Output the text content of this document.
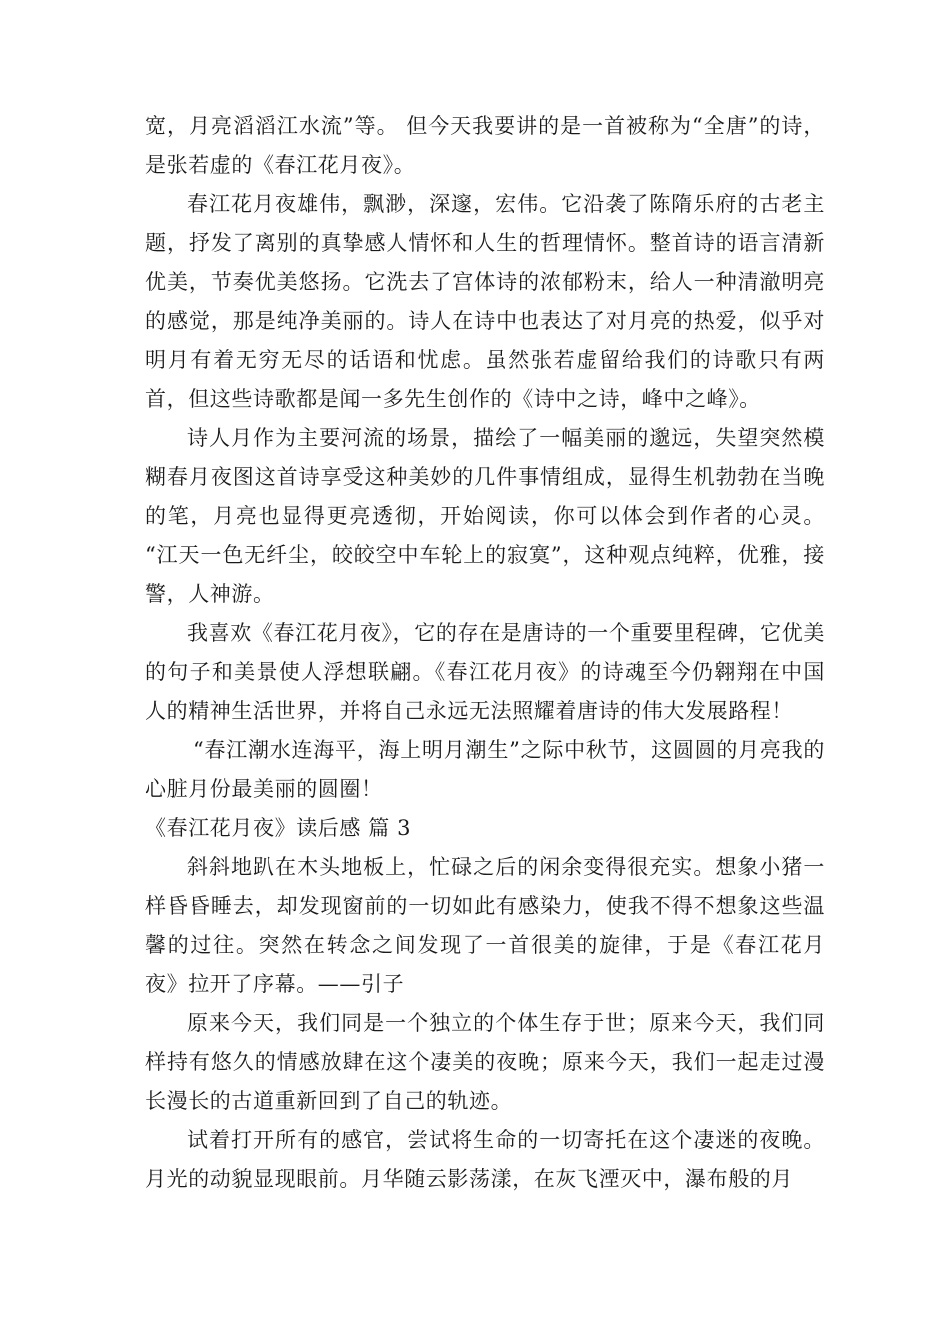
宽，月亮滔滔江水流”等。 但今天我要讲的是一首被称为“全唐”的诗，是张若虚的《春江花月夜》。

春江花月夜雄伟，飘渺，深邃，宏伟。它沿袭了陈隋乐府的古老主题，抒发了离别的真挚感人情怀和人生的哲理情怀。整首诗的语言清新优美，节奏优美悠扬。它洗去了宫体诗的浓郁粉末，给人一种清澈明亮的感觉，那是纯净美丽的。诗人在诗中也表达了对月亮的热爱，似乎对明月有着无穷无尽的话语和忧虑。虽然张若虚留给我们的诗歌只有两首，但这些诗歌都是闻一多先生创作的《诗中之诗，峰中之峰》。

诗人月作为主要河流的场景，描绘了一幅美丽的邈远，失望突然模糊春月夜图这首诗享受这种美妙的几件事情组成，显得生机勃勃在当晚的笔，月亮也显得更亮透彻，开始阅读，你可以体会到作者的心灵。 “江天一色无纤尘，皎皎空中车轮上的寂寞”，这种观点纯粹，优雅，接警，人神游。

我喜欢《春江花月夜》，它的存在是唐诗的一个重要里程碑，它优美的句子和美景使人浮想联翩。《春江花月夜》的诗魂至今仍翱翔在中国人的精神生活世界，并将自己永远无法照耀着唐诗的伟大发展路程！

“春江潮水连海平，海上明月潮生”之际中秋节，这圆圆的月亮我的心脏月份最美丽的圆圈！

《春江花月夜》读后感 篇 3

斜斜地趴在木头地板上，忙碌之后的闲余变得很充实。想象小猪一样昏昏睡去，却发现窗前的一切如此有感染力，使我不得不想象这些温馨的过往。突然在转念之间发现了一首很美的旋律，于是《春江花月夜》拉开了序幕。——引子

原来今天，我们同是一个独立的个体生存于世；原来今天，我们同样持有悠久的情感放肆在这个凄美的夜晚；原来今天，我们一起走过漫长漫长的古道重新回到了自己的轨迹。

试着打开所有的感官，尝试将生命的一切寄托在这个凄迷的夜晚。月光的动貌显现眼前。月华随云影荡漾，在灰飞湮灭中，瀑布般的月
